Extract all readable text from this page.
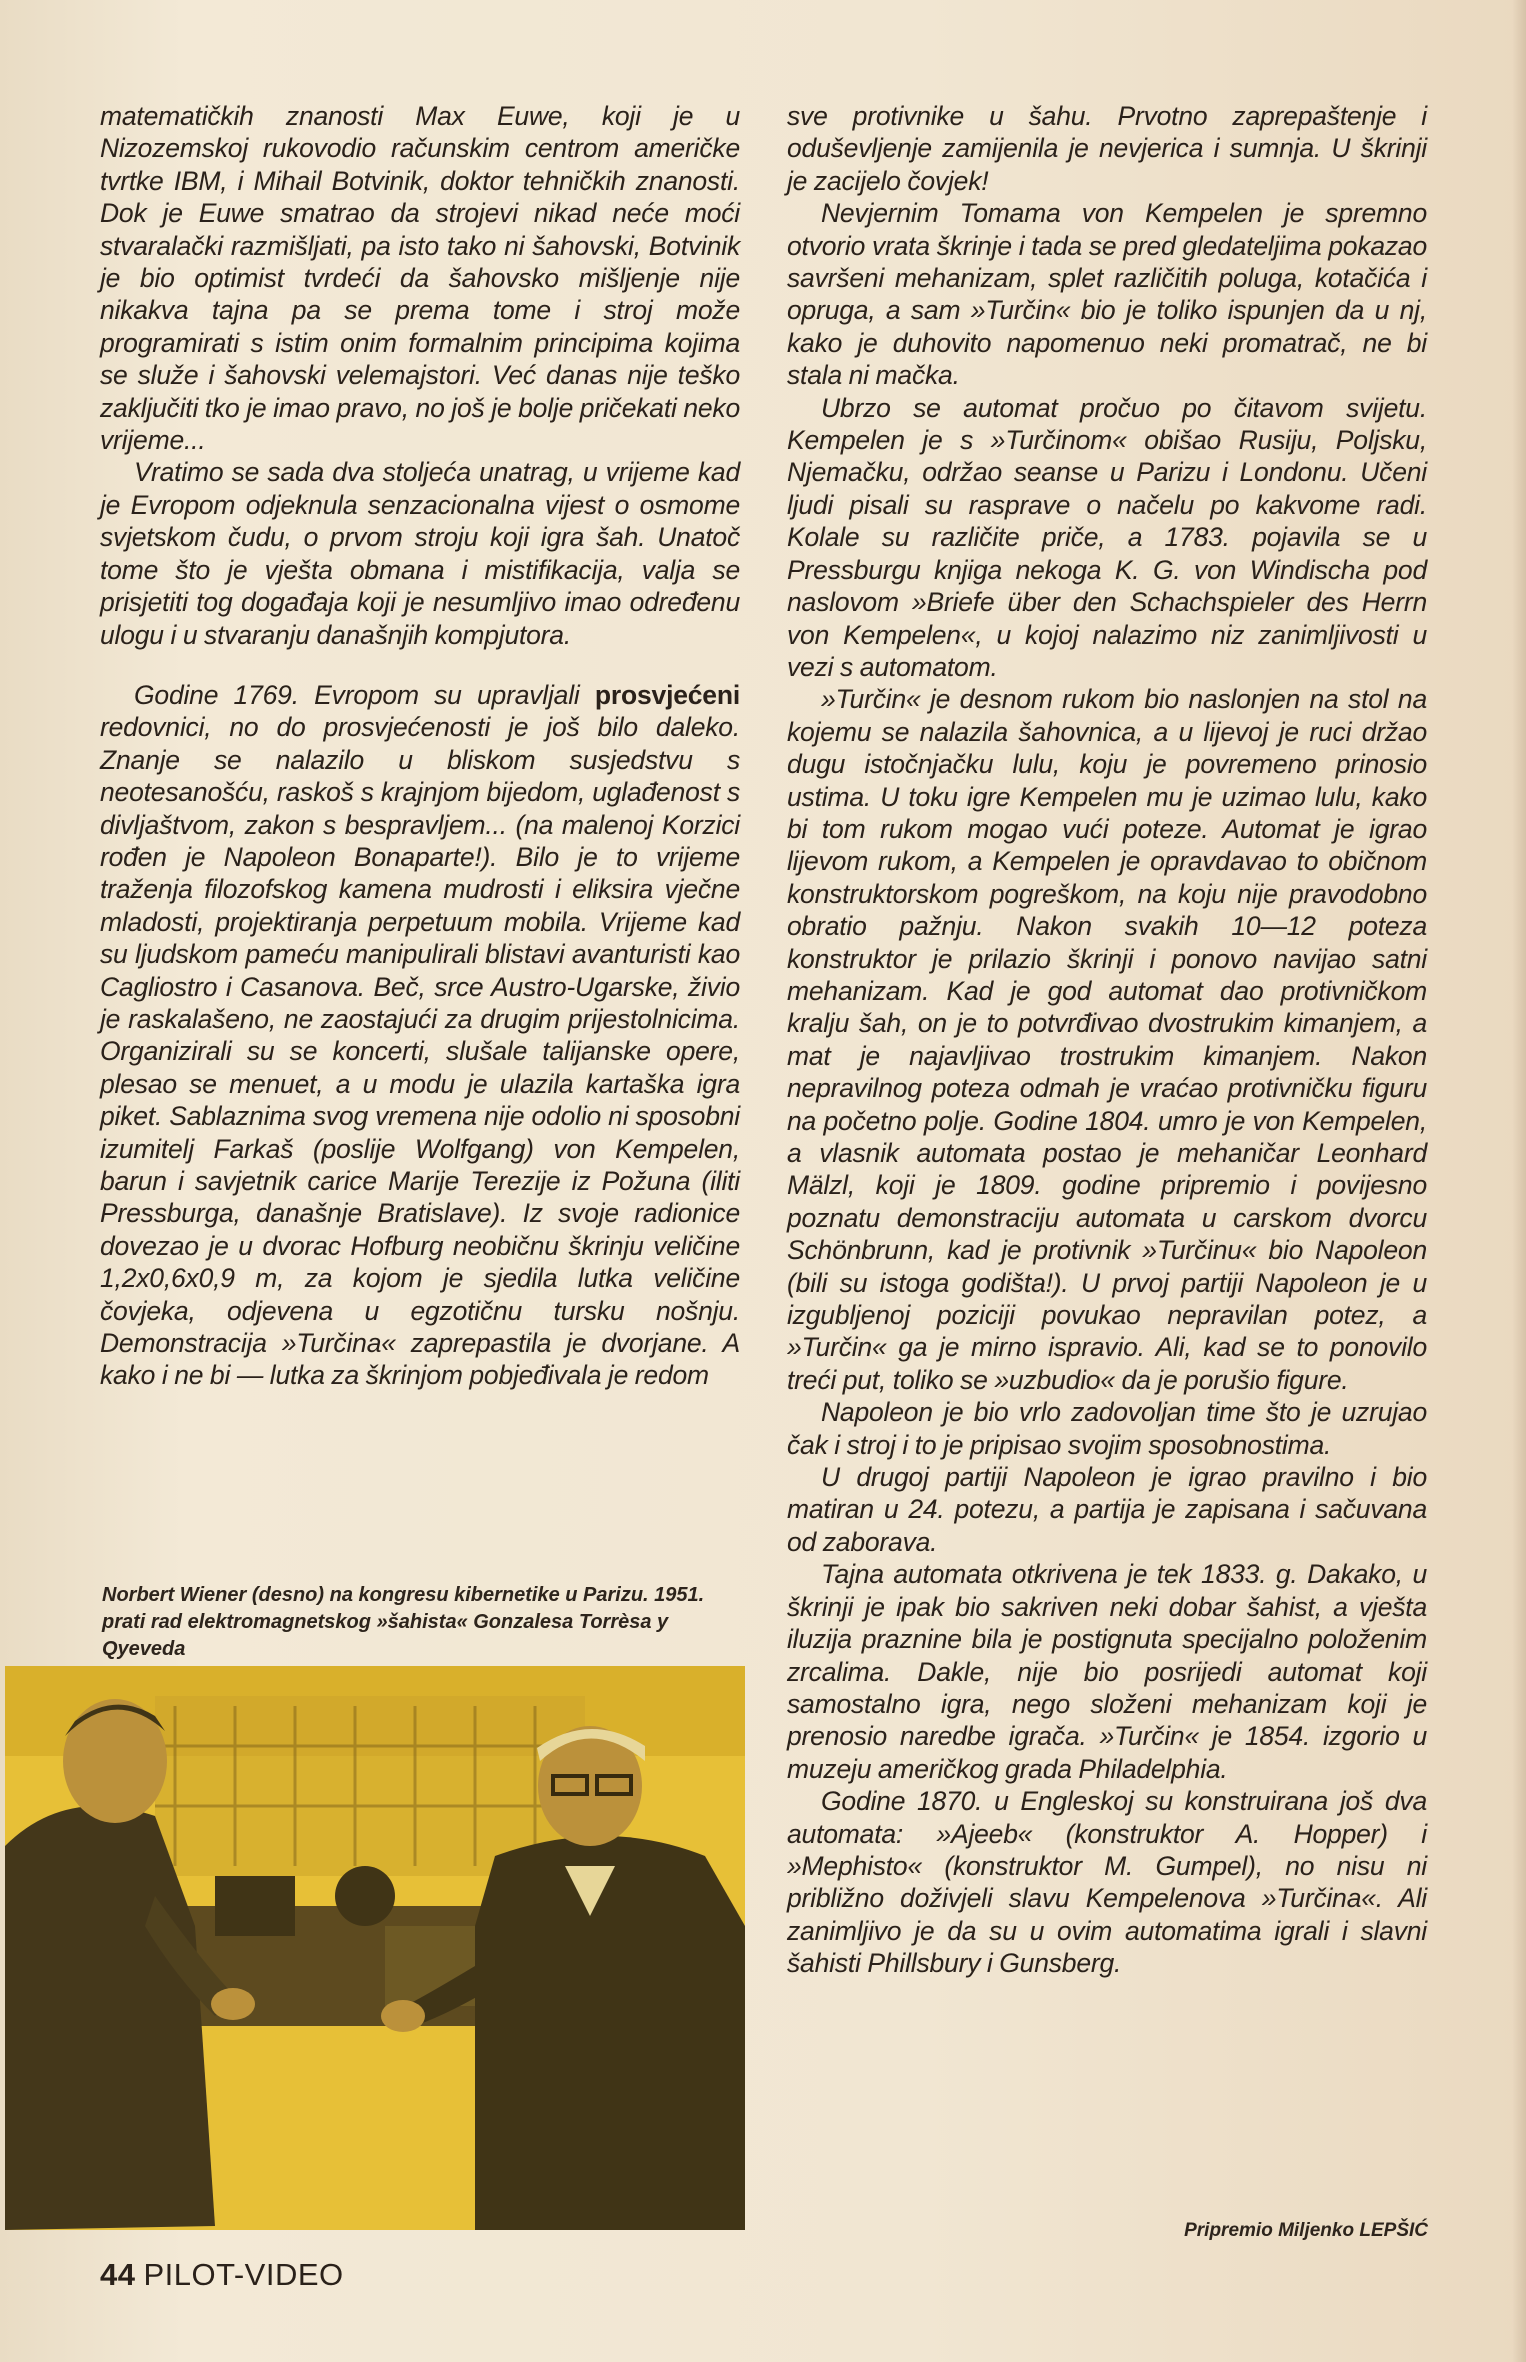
matematičkih znanosti Max Euwe, koji je u Nizozemskoj rukovodio računskim centrom američke tvrtke IBM, i Mihail Botvinik, doktor tehničkih znanosti. Dok je Euwe smatrao da strojevi nikad neće moći stvaralački razmišljati, pa isto tako ni šahovski, Botvinik je bio optimist tvrdeći da šahovsko mišljenje nije nikakva tajna pa se prema tome i stroj može programirati s istim onim formalnim principima kojima se služe i šahovski velemajstori. Već danas nije teško zaključiti tko je imao pravo, no još je bolje pričekati neko vrijeme...

Vratimo se sada dva stoljeća unatrag, u vrijeme kad je Evropom odjeknula senzacionalna vijest o osmome svjetskom čudu, o prvom stroju koji igra šah. Unatoč tome što je vješta obmana i mistifikacija, valja se prisjetiti tog događaja koji je nesumljivo imao određenu ulogu i u stvaranju današnjih kompjutora.

Godine 1769. Evropom su upravljali prosvjećeni redovnici, no do prosvjećenosti je još bilo daleko. Znanje se nalazilo u bliskom susjedstvu s neotesanošću, raskoš s krajnjom bijedom, uglađenost s divljaštvom, zakon s bespravljem... (na malenoj Korzici rođen je Napoleon Bonaparte!). Bilo je to vrijeme traženja filozofskog kamena mudrosti i eliksira vječne mladosti, projektiranja perpetuum mobila. Vrijeme kad su ljudskom pameću manipulirali blistavi avanturisti kao Cagliostro i Casanova. Beč, srce Austro-Ugarske, živio je raskalašeno, ne zaostajući za drugim prijestolnicima. Organizirali su se koncerti, slušale talijanske opere, plesao se menuet, a u modu je ulazila kartaška igra piket. Sablaznima svog vremena nije odolio ni sposobni izumitelj Farkaš (poslije Wolfgang) von Kempelen, barun i savjetnik carice Marije Terezije iz Požuna (iliti Pressburga, današnje Bratislave). Iz svoje radionice dovezao je u dvorac Hofburg neobičnu škrinju veličine 1,2x0,6x0,9 m, za kojom je sjedila lutka veličine čovjeka, odjevena u egzotičnu tursku nošnju. Demonstracija »Turčina« zaprepastila je dvorjane. A kako i ne bi — lutka za škrinjom pobjeđivala je redom

Norbert Wiener (desno) na kongresu kibernetike u Parizu. 1951. prati rad elektromagnetskog »šahista« Gonzalesa Torrèsa y Qyeveda

sve protivnike u šahu. Prvotno zaprepaštenje i oduševljenje zamijenila je nevjerica i sumnja. U škrinji je zacijelo čovjek!

Nevjernim Tomama von Kempelen je spremno otvorio vrata škrinje i tada se pred gledateljima pokazao savršeni mehanizam, splet različitih poluga, kotačića i opruga, a sam »Turčin« bio je toliko ispunjen da u nj, kako je duhovito napomenuo neki promatrač, ne bi stala ni mačka.

Ubrzo se automat pročuo po čitavom svijetu. Kempelen je s »Turčinom« obišao Rusiju, Poljsku, Njemačku, održao seanse u Parizu i Londonu. Učeni ljudi pisali su rasprave o načelu po kakvome radi. Kolale su različite priče, a 1783. pojavila se u Pressburgu knjiga nekoga K. G. von Windischa pod naslovom »Briefe über den Schachspieler des Herrn von Kempelen«, u kojoj nalazimo niz zanimljivosti u vezi s automatom.

»Turčin« je desnom rukom bio naslonjen na stol na kojemu se nalazila šahovnica, a u lijevoj je ruci držao dugu istočnjačku lulu, koju je povremeno prinosio ustima. U toku igre Kempelen mu je uzimao lulu, kako bi tom rukom mogao vući poteze. Automat je igrao lijevom rukom, a Kempelen je opravdavao to običnom konstruktorskom pogreškom, na koju nije pravodobno obratio pažnju. Nakon svakih 10—12 poteza konstruktor je prilazio škrinji i ponovo navijao satni mehanizam. Kad je god automat dao protivničkom kralju šah, on je to potvrđivao dvostrukim kimanjem, a mat je najavljivao trostrukim kimanjem. Nakon nepravilnog poteza odmah je vraćao protivničku figuru na početno polje. Godine 1804. umro je von Kempelen, a vlasnik automata postao je mehaničar Leonhard Mälzl, koji je 1809. godine pripremio i povijesno poznatu demonstraciju automata u carskom dvorcu Schönbrunn, kad je protivnik »Turčinu« bio Napoleon (bili su istoga godišta!). U prvoj partiji Napoleon je u izgubljenoj poziciji povukao nepravilan potez, a »Turčin« ga je mirno ispravio. Ali, kad se to ponovilo treći put, toliko se »uzbudio« da je porušio figure.

Napoleon je bio vrlo zadovoljan time što je uzrujao čak i stroj i to je pripisao svojim sposobnostima.

U drugoj partiji Napoleon je igrao pravilno i bio matiran u 24. potezu, a partija je zapisana i sačuvana od zaborava.

Tajna automata otkrivena je tek 1833. g. Dakako, u škrinji je ipak bio sakriven neki dobar šahist, a vješta iluzija praznine bila je postignuta specijalno položenim zrcalima. Dakle, nije bio posrijedi automat koji samostalno igra, nego složeni mehanizam koji je prenosio naredbe igrača. »Turčin« je 1854. izgorio u muzeju američkog grada Philadelphia.

Godine 1870. u Engleskoj su konstruirana još dva automata: »Ajeeb« (konstruktor A. Hopper) i »Mephisto« (konstruktor M. Gumpel), no nisu ni približno doživjeli slavu Kempelenova »Turčina«. Ali zanimljivo je da su u ovim automatima igrali i slavni šahisti Phillsbury i Gunsberg.

Pripremio Miljenko LEPŠIĆ
44 PILOT-VIDEO
